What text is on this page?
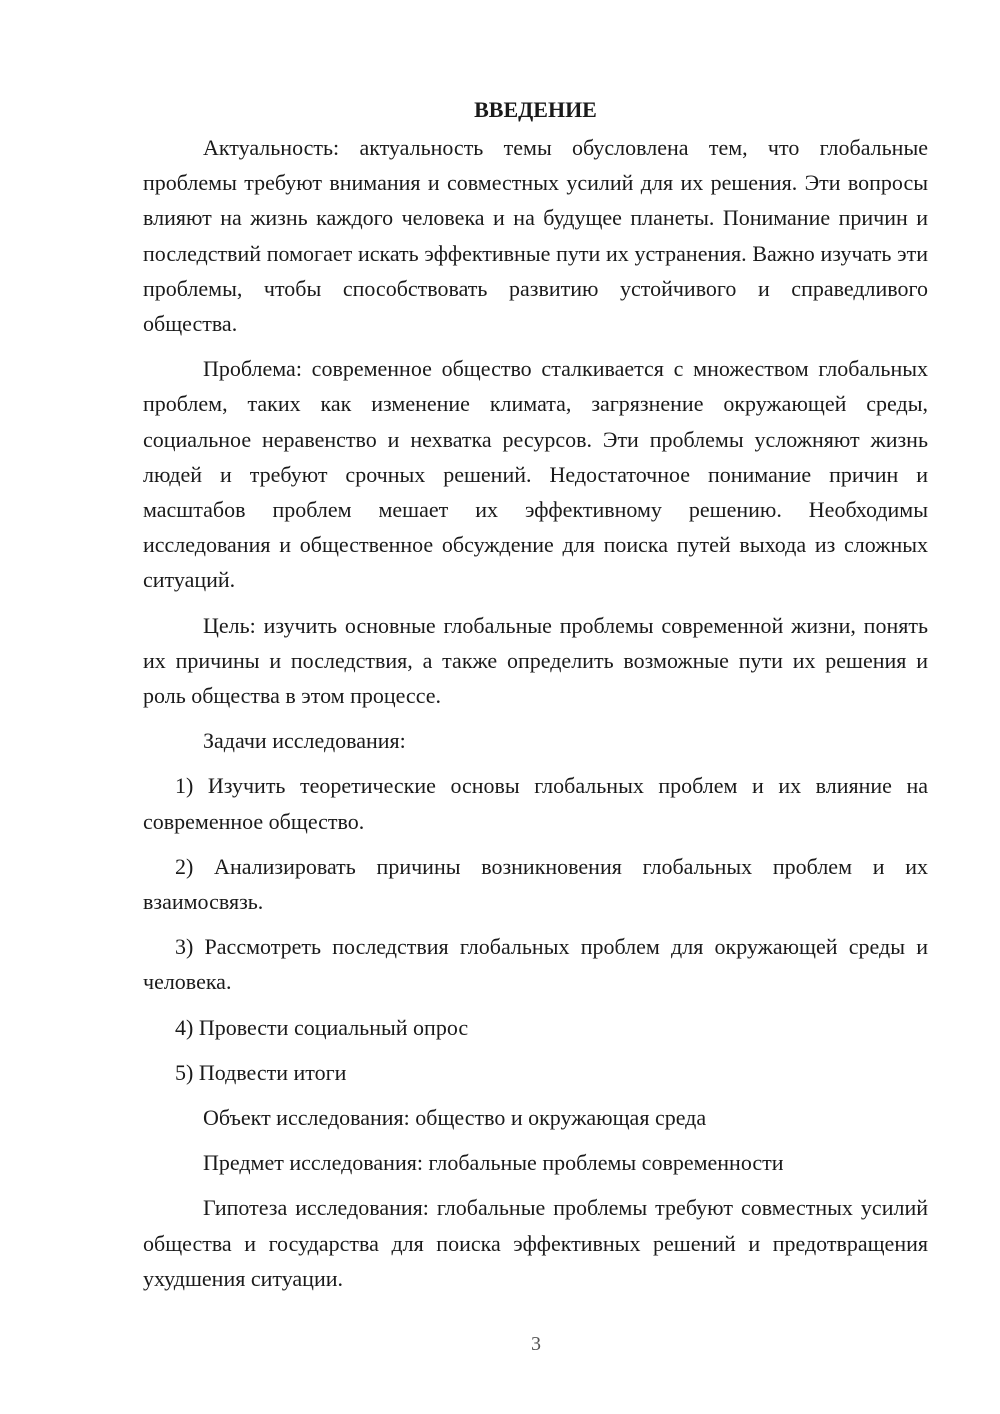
ВВЕДЕНИЕ

Актуальность: актуальность темы обусловлена тем, что глобальные проблемы требуют внимания и совместных усилий для их решения. Эти вопросы влияют на жизнь каждого человека и на будущее планеты. Понимание причин и последствий помогает искать эффективные пути их устранения. Важно изучать эти проблемы, чтобы способствовать развитию устойчивого и справедливого общества.

Проблема: современное общество сталкивается с множеством глобальных проблем, таких как изменение климата, загрязнение окружающей среды, социальное неравенство и нехватка ресурсов. Эти проблемы усложняют жизнь людей и требуют срочных решений. Недостаточное понимание причин и масштабов проблем мешает их эффективному решению. Необходимы исследования и общественное обсуждение для поиска путей выхода из сложных ситуаций.

Цель: изучить основные глобальные проблемы современной жизни, понять их причины и последствия, а также определить возможные пути их решения и роль общества в этом процессе.

Задачи исследования:

1) Изучить теоретические основы глобальных проблем и их влияние на современное общество.

2) Анализировать причины возникновения глобальных проблем и их взаимосвязь.

3) Рассмотреть последствия глобальных проблем для окружающей среды и человека.

4) Провести социальный опрос

5) Подвести итоги

Объект исследования: общество и окружающая среда

Предмет исследования: глобальные проблемы современности

Гипотеза исследования: глобальные проблемы требуют совместных усилий общества и государства для поиска эффективных решений и предотвращения ухудшения ситуации.

3
